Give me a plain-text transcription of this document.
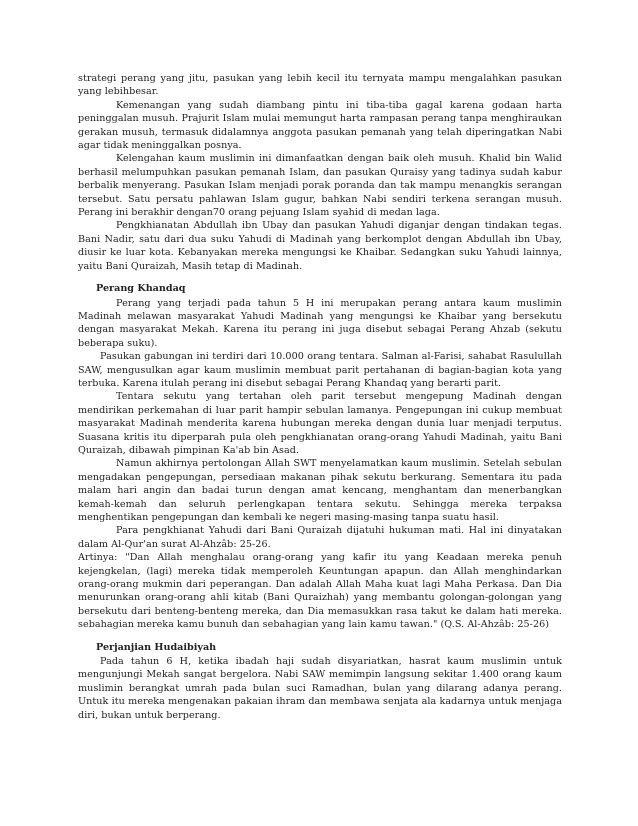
strategi perang yang jitu, pasukan yang lebih kecil itu ternyata mampu mengalahkan pasukan yang lebihbesar.

Kemenangan yang sudah diambang pintu ini tiba-tiba gagal karena godaan harta peninggalan musuh. Prajurit Islam mulai memungut harta rampasan perang tanpa menghiraukan gerakan musuh, termasuk didalamnya anggota pasukan pemanah yang telah diperingatkan Nabi agar tidak meninggalkan posnya.

Kelengahan kaum muslimin ini dimanfaatkan dengan baik oleh musuh. Khalid bin Walid berhasil melumpuhkan pasukan pemanah Islam, dan pasukan Quraisy yang tadinya sudah kabur berbalik menyerang. Pasukan Islam menjadi porak poranda dan tak mampu menangkis serangan tersebut. Satu persatu pahlawan Islam gugur, bahkan Nabi sendiri terkena serangan musuh. Perang ini berakhir dengan70 orang pejuang Islam syahid di medan laga.

Pengkhianatan Abdullah ibn Ubay dan pasukan Yahudi diganjar dengan tindakan tegas. Bani Nadir, satu dari dua suku Yahudi di Madinah yang berkomplot dengan Abdullah ibn Ubay, diusir ke luar kota. Kebanyakan mereka mengungsi ke Khaibar. Sedangkan suku Yahudi lainnya, yaitu Bani Quraizah, Masih tetap di Madinah.

Perang Khandaq

Perang yang terjadi pada tahun 5 H ini merupakan perang antara kaum muslimin Madinah melawan masyarakat Yahudi Madinah yang mengungsi ke Khaibar yang bersekutu dengan masyarakat Mekah. Karena itu perang ini juga disebut sebagai Perang Ahzab (sekutu beberapa suku).

Pasukan gabungan ini terdiri dari 10.000 orang tentara. Salman al-Farisi, sahabat Rasulullah SAW, mengusulkan agar kaum muslimin membuat parit pertahanan di bagian-bagian kota yang terbuka. Karena itulah perang ini disebut sebagai Perang Khandaq yang berarti parit.

Tentara sekutu yang tertahan oleh parit tersebut mengepung Madinah dengan mendirikan perkemahan di luar parit hampir sebulan lamanya. Pengepungan ini cukup membuat masyarakat Madinah menderita karena hubungan mereka dengan dunia luar menjadi terputus. Suasana kritis itu diperparah pula oleh pengkhianatan orang-orang Yahudi Madinah, yaitu Bani Quraizah, dibawah pimpinan Ka'ab bin Asad.

Namun akhirnya pertolongan Allah SWT menyelamatkan kaum muslimin. Setelah sebulan mengadakan pengepungan, persediaan makanan pihak sekutu berkurang. Sementara itu pada malam hari angin dan badai turun dengan amat kencang, menghantam dan menerbangkan kemah-kemah dan seluruh perlengkapan tentara sekutu. Sehingga mereka terpaksa menghentikan pengepungan dan kembali ke negeri masing-masing tanpa suatu hasil.

Para pengkhianat Yahudi dari Bani Quraizah dijatuhi hukuman mati. Hal ini dinyatakan dalam Al-Qur'an surat Al-Ahzâb: 25-26.

Artinya: "Dan Allah menghalau orang-orang yang kafir itu yang Keadaan mereka penuh kejengkelan, (lagi) mereka tidak memperoleh Keuntungan apapun. dan Allah menghindarkan orang-orang mukmin dari peperangan. Dan adalah Allah Maha kuat lagi Maha Perkasa. Dan Dia menurunkan orang-orang ahli kitab (Bani Quraizhah) yang membantu golongan-golongan yang bersekutu dari benteng-benteng mereka, dan Dia memasukkan rasa takut ke dalam hati mereka. sebahagian mereka kamu bunuh dan sebahagian yang lain kamu tawan." (Q.S. Al-Ahzâb: 25-26)

Perjanjian Hudaibiyah

Pada tahun 6 H, ketika ibadah haji sudah disyariatkan, hasrat kaum muslimin untuk mengunjungi Mekah sangat bergelora. Nabi SAW memimpin langsung sekitar 1.400 orang kaum muslimin berangkat umrah pada bulan suci Ramadhan, bulan yang dilarang adanya perang. Untuk itu mereka mengenakan pakaian ihram dan membawa senjata ala kadarnya untuk menjaga diri, bukan untuk berperang.
